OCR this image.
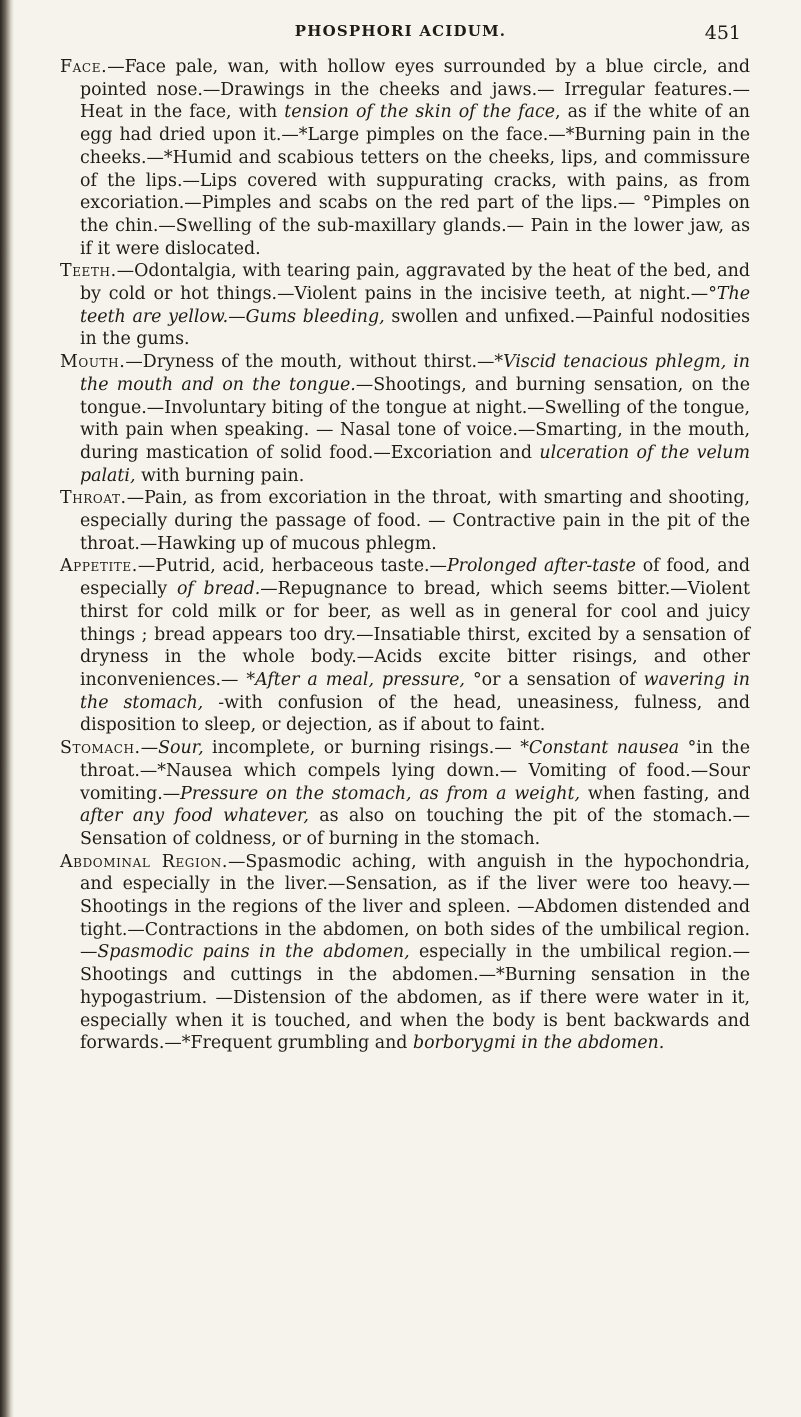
PHOSPHORI ACIDUM.	451

Face.—Face pale, wan, with hollow eyes surrounded by a blue circle, and pointed nose.—Drawings in the cheeks and jaws.— Irregular features.—Heat in the face, with tension of the skin of the face, as if the white of an egg had dried upon it.—*Large pimples on the face.—*Burning pain in the cheeks.—*Humid and scabious tetters on the cheeks, lips, and commissure of the lips.—Lips covered with suppurating cracks, with pains, as from excoriation.—Pimples and scabs on the red part of the lips.— °Pimples on the chin.—Swelling of the sub-maxillary glands.— Pain in the lower jaw, as if it were dislocated.

Teeth.—Odontalgia, with tearing pain, aggravated by the heat of the bed, and by cold or hot things.—Violent pains in the incisive teeth, at night.—°The teeth are yellow.—Gums bleeding, swollen and unfixed.—Painful nodosities in the gums.

Mouth.—Dryness of the mouth, without thirst.—*Viscid tenacious phlegm, in the mouth and on the tongue.—Shootings, and burning sensation, on the tongue.—Involuntary biting of the tongue at night.—Swelling of the tongue, with pain when speaking. — Nasal tone of voice.—Smarting, in the mouth, during mastication of solid food.—Excoriation and ulceration of the velum palati, with burning pain.

Throat.—Pain, as from excoriation in the throat, with smarting and shooting, especially during the passage of food. — Contractive pain in the pit of the throat.—Hawking up of mucous phlegm.

Appetite.—Putrid, acid, herbaceous taste.—Prolonged after-taste of food, and especially of bread.—Repugnance to bread, which seems bitter.—Violent thirst for cold milk or for beer, as well as in general for cool and juicy things ; bread appears too dry.—Insatiable thirst, excited by a sensation of dryness in the whole body.—Acids excite bitter risings, and other inconveniences.— *After a meal, pressure, °or a sensation of wavering in the stomach, -with confusion of the head, uneasiness, fulness, and disposition to sleep, or dejection, as if about to faint.

Stomach.—Sour, incomplete, or burning risings.— *Constant nausea °in the throat.—*Nausea which compels lying down.— Vomiting of food.—Sour vomiting.—Pressure on the stomach, as from a weight, when fasting, and after any food whatever, as also on touching the pit of the stomach.—Sensation of coldness, or of burning in the stomach.

Abdominal Region.—Spasmodic aching, with anguish in the hypochondria, and especially in the liver.—Sensation, as if the liver were too heavy.—Shootings in the regions of the liver and spleen. —Abdomen distended and tight.—Contractions in the abdomen, on both sides of the umbilical region.—Spasmodic pains in the abdomen, especially in the umbilical region.—Shootings and cuttings in the abdomen.—*Burning sensation in the hypogastrium. —Distension of the abdomen, as if there were water in it, especially when it is touched, and when the body is bent backwards and forwards.—*Frequent grumbling and borborygmi in the abdomen.
